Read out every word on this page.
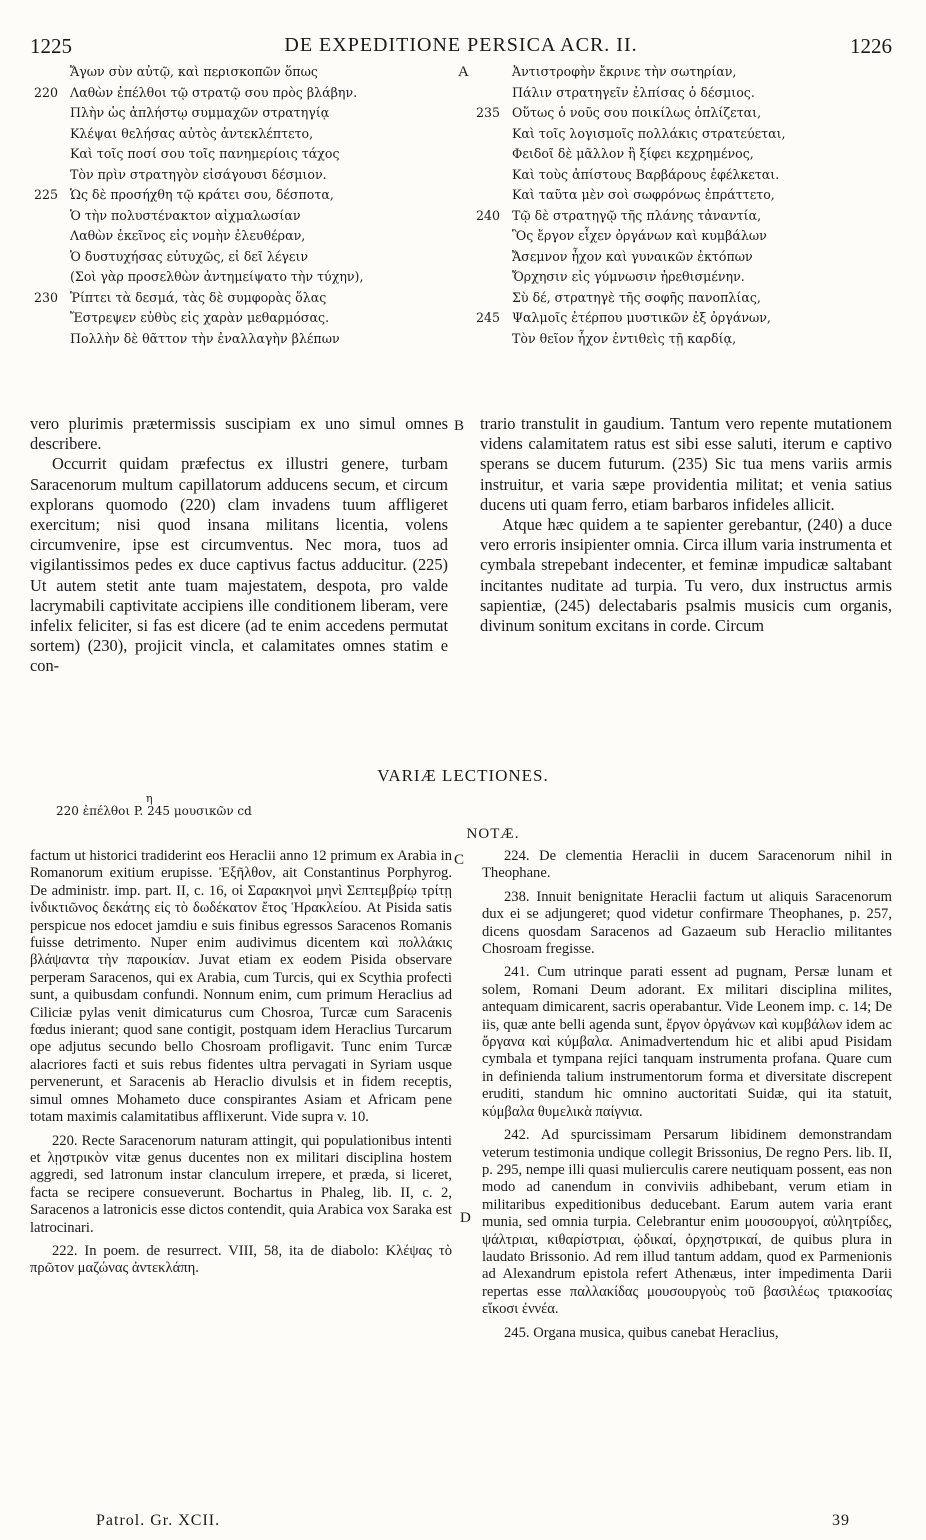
1225	DE EXPEDITIONE PERSICA ACR. II.	1226
Ἄγων σὺν αὐτῷ, καὶ περισκοπῶν ὅπως
220 Λαθὼν ἐπέλθοι τῷ στρατῷ σου πρὸς βλάβην.
Πλὴν ὡς ἀπλήστῳ συμμαχῶν στρατηγίᾳ
Κλέψαι θελήσας αὐτὸς ἀντεκλέπτετο,
Καὶ τοῖς ποσί σου τοῖς πανημερίοις τάχος
Τὸν πρὶν στρατηγὸν εἰσάγουσι δέσμιον.
225 Ὡς δὲ προσήχθη τῷ κράτει σου, δέσποτα,
Ὁ τὴν πολυστένακτον αἰχμαλωσίαν
Λαθὼν ἐκεῖνος εἰς νομὴν ἐλευθέραν,
Ὁ δυστυχήσας εὐτυχῶς, εἰ δεῖ λέγειν
(Σοὶ γὰρ προσελθὼν ἀντημείψατο τὴν τύχην),
230 Ῥίπτει τὰ δεσμά, τὰς δὲ συμφορὰς ὅλας
Ἔστρεψεν εὐθὺς εἰς χαρὰν μεθαρμόσας.
Πολλὴν δὲ θᾶττον τὴν ἐναλλαγὴν βλέπων
Ἀντιστροφὴν ἔκρινε τὴν σωτηρίαν,
Πάλιν στρατηγεῖν ἐλπίσας ὁ δέσμιος.
235 Οὕτως ὁ νοῦς σου ποικίλως ὁπλίζεται,
Καὶ τοῖς λογισμοῖς πολλάκις στρατεύεται,
Φειδοῖ δὲ μᾶλλον ἢ ξίφει κεχρημένος,
Καὶ τοὺς ἀπίστους Βαρβάρους ἐφέλκεται.
Καὶ ταῦτα μὲν σοὶ σωφρόνως ἐπράττετο,
240 Τῷ δὲ στρατηγῷ τῆς πλάνης τἀναντία,
Ὃς ἔργον εἶχεν ὀργάνων καὶ κυμβάλων
Ἄσεμνον ἦχον καὶ γυναικῶν ἐκτόπων
Ὄρχησιν εἰς γύμνωσιν ἠρεθισμένην.
Σὺ δέ, στρατηγὲ τῆς σοφῆς πανοπλίας,
245 Ψαλμοῖς ἐτέρπου μυστικῶν ἐξ ὀργάνων,
Τὸν θεῖον ἦχον ἐντιθεὶς τῇ καρδίᾳ,
A
B
C
D

vero plurimis prætermissis suscipiam ex uno simul omnes describere.

Occurrit quidam præfectus ex illustri genere, turbam Saracenorum multum capillatorum adducens secum, et circum explorans quomodo (220) clam invadens tuum affligeret exercitum; nisi quod insana militans licentia, volens circumvenire, ipse est circumventus. Nec mora, tuos ad vigilantissimos pedes ex duce captivus factus adducitur. (225) Ut autem stetit ante tuam majestatem, despota, pro valde lacrymabili captivitate accipiens ille conditionem liberam, vere infelix feliciter, si fas est dicere (ad te enim accedens permutat sortem) (230), projicit vincla, et calamitates omnes statim e con-

trario transtulit in gaudium. Tantum vero repente mutationem videns calamitatem ratus est sibi esse saluti, iterum e captivo sperans se ducem futurum. (235) Sic tua mens variis armis instruitur, et varia sæpe providentia militat; et venia satius ducens uti quam ferro, etiam barbaros infideles allicit.

Atque hæc quidem a te sapienter gerebantur, (240) a duce vero erroris insipienter omnia. Circa illum varia instrumenta et cymbala strepebant indecenter, et feminæ impudicæ saltabant incitantes nuditate ad turpia. Tu vero, dux instructus armis sapientiæ, (245) delectabaris psalmis musicis cum organis, divinum sonitum excitans in corde. Circum

VARIÆ LECTIONES.
η
220 ἐπέλθοι P. 245 μουσικῶν cd
NOTÆ.

factum ut historici tradiderint eos Heraclii anno 12 primum ex Arabia in Romanorum exitium erupisse. Ἐξῆλθον, ait Constantinus Porphyrog. De administr. imp. part. II, c. 16, οἱ Σαρακηνοὶ μηνὶ Σεπτεμβρίῳ τρίτῃ ἰνδικτιῶνος δεκάτης εἰς τὸ δωδέκατον ἔτος Ἡρακλείου. At Pisida satis perspicue nos edocet jamdiu e suis finibus egressos Saracenos Romanis fuisse detrimento. Nuper enim audivimus dicentem καὶ πολλάκις βλάψαντα τὴν παροικίαν. Juvat etiam ex eodem Pisida observare perperam Saracenos, qui ex Arabia, cum Turcis, qui ex Scythia profecti sunt, a quibusdam confundi. Nonnum enim, cum primum Heraclius ad Ciliciæ pylas venit dimicaturus cum Chosroa, Turcæ cum Saracenis fœdus inierant; quod sane contigit, postquam idem Heraclius Turcarum ope adjutus secundo bello Chosroam profligavit. Tunc enim Turcæ alacriores facti et suis rebus fidentes ultra pervagati in Syriam usque pervenerunt, et Saracenis ab Heraclio divulsis et in fidem receptis, simul omnes Mohameto duce conspirantes Asiam et Africam pene totam maximis calamitatibus afflixerunt. Vide supra v. 10.

220. Recte Saracenorum naturam attingit, qui populationibus intenti et λῃστρικὸν vitæ genus ducentes non ex militari disciplina hostem aggredi, sed latronum instar clanculum irrepere, et præda, si liceret, facta se recipere consueverunt. Bochartus in Phaleg, lib. II, c. 2, Saracenos a latronicis esse dictos contendit, quia Arabica vox Saraka est latrocinari.

222. In poem. de resurrect. VIII, 58, ita de diabolo: Κλέψας τὸ πρῶτον μαζώνας ἀντεκλάπη.

224. De clementia Heraclii in ducem Saracenorum nihil in Theophane.

238. Innuit benignitate Heraclii factum ut aliquis Saracenorum dux ei se adjungeret; quod videtur confirmare Theophanes, p. 257, dicens quosdam Saracenos ad Gazaeum sub Heraclio militantes Chosroam fregisse.

241. Cum utrinque parati essent ad pugnam, Persæ lunam et solem, Romani Deum adorant. Ex militari disciplina milites, antequam dimicarent, sacris operabantur. Vide Leonem imp. c. 14; De iis, quæ ante belli agenda sunt, ἔργον ὀργάνων καὶ κυμβάλων idem ac ὄργανα καὶ κύμβαλα. Animadvertendum hic et alibi apud Pisidam cymbala et tympana rejici tanquam instrumenta profana. Quare cum in definienda talium instrumentorum forma et diversitate discrepent eruditi, standum hic omnino auctoritati Suidæ, qui ita statuit, κύμβαλα θυμελικὰ παίγνια.

242. Ad spurcissimam Persarum libidinem demonstrandam veterum testimonia undique collegit Brissonius, De regno Pers. lib. II, p. 295, nempe illi quasi mulierculis carere neutiquam possent, eas non modo ad canendum in conviviis adhibebant, verum etiam in militaribus expeditionibus deducebant. Earum autem varia erant munia, sed omnia turpia. Celebrantur enim μουσουργοί, αὐλητρίδες, ψάλτριαι, κιθαρίστριαι, ᾠδικαί, ὀρχηστρικαί, de quibus plura in laudato Brissonio. Ad rem illud tantum addam, quod ex Parmenionis ad Alexandrum epistola refert Athenæus, inter impedimenta Darii repertas esse παλλακίδας μουσουργοὺς τοῦ βασιλέως τριακοσίας εἴκοσι ἐννέα.

245. Organa musica, quibus canebat Heraclius,

Patrol. Gr. XCII.	39
